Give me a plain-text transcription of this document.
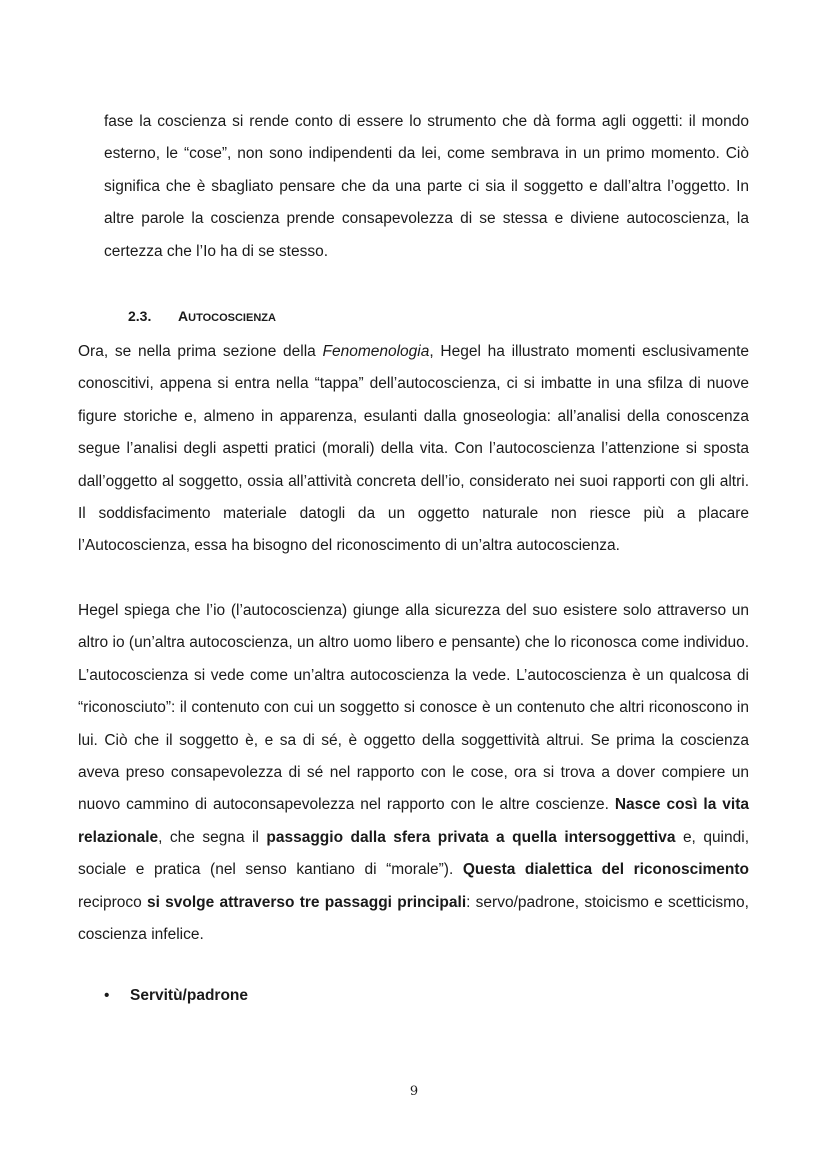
fase la coscienza si rende conto di essere lo strumento che dà forma agli oggetti: il mondo esterno, le “cose”, non sono indipendenti da lei, come sembrava in un primo momento. Ciò significa che è sbagliato pensare che da una parte ci sia il soggetto e dall’altra l’oggetto. In altre parole la coscienza prende consapevolezza di se stessa e diviene autocoscienza, la certezza che l’Io ha di se stesso.

2.3. AUTOCOSCIENZA

Ora, se nella prima sezione della Fenomenologia, Hegel ha illustrato momenti esclusivamente conoscitivi, appena si entra nella “tappa” dell’autocoscienza, ci si imbatte in una sfilza di nuove figure storiche e, almeno in apparenza, esulanti dalla gnoseologia: all’analisi della conoscenza segue l’analisi degli aspetti pratici (morali) della vita. Con l’autocoscienza l’attenzione si sposta dall’oggetto al soggetto, ossia all’attività concreta dell’io, considerato nei suoi rapporti con gli altri. Il soddisfacimento materiale datogli da un oggetto naturale non riesce più a placare l’Autocoscienza, essa ha bisogno del riconoscimento di un’altra autocoscienza.

Hegel spiega che l’io (l’autocoscienza) giunge alla sicurezza del suo esistere solo attraverso un altro io (un’altra autocoscienza, un altro uomo libero e pensante) che lo riconosca come individuo. L’autocoscienza si vede come un’altra autocoscienza la vede. L’autocoscienza è un qualcosa di “riconosciuto”: il contenuto con cui un soggetto si conosce è un contenuto che altri riconoscono in lui. Ciò che il soggetto è, e sa di sé, è oggetto della soggettività altrui. Se prima la coscienza aveva preso consapevolezza di sé nel rapporto con le cose, ora si trova a dover compiere un nuovo cammino di autoconsapevolezza nel rapporto con le altre coscienze. Nasce così la vita relazionale, che segna il passaggio dalla sfera privata a quella intersoggettiva e, quindi, sociale e pratica (nel senso kantiano di “morale”). Questa dialettica del riconoscimento reciproco si svolge attraverso tre passaggi principali: servo/padrone, stoicismo e scetticismo, coscienza infelice.

• Servitù/padrone
9
